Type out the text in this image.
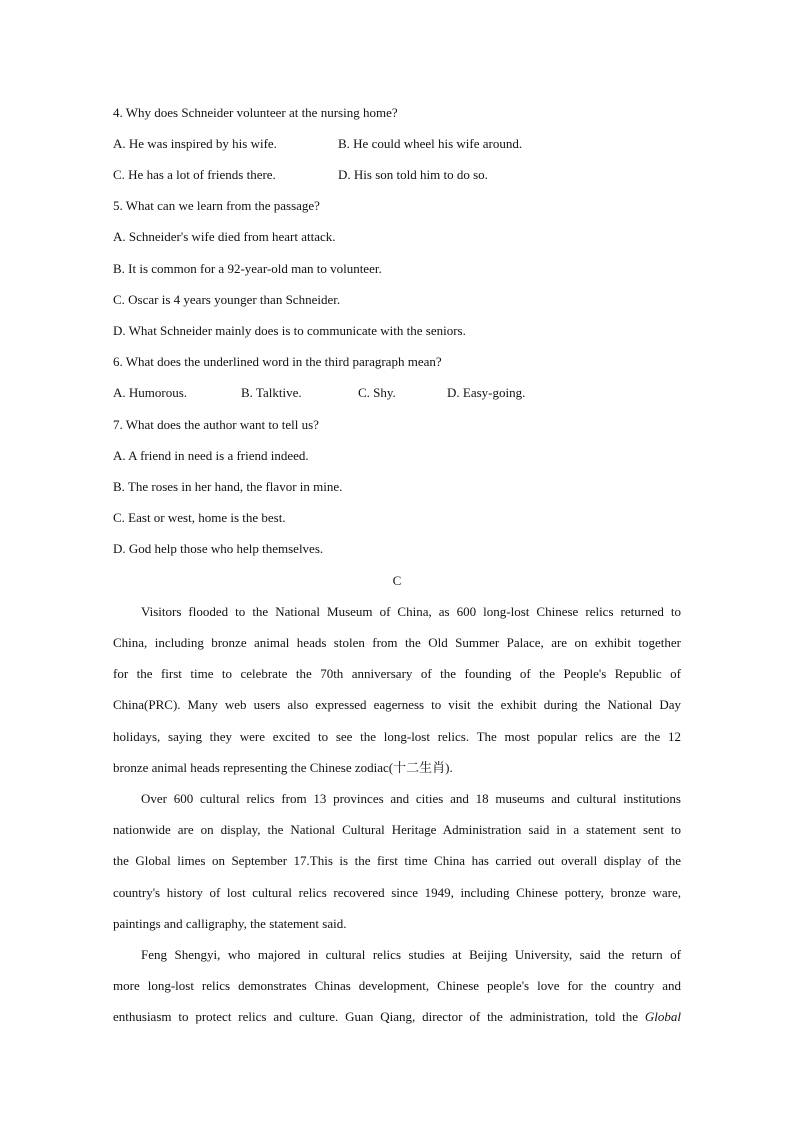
4. Why does Schneider volunteer at the nursing home?
A. He was inspired by his wife.	B. He could wheel his wife around.
C. He has a lot of friends there.	D. His son told him to do so.
5. What can we learn from the passage?
A. Schneider's wife died from heart attack.
B. It is common for a 92-year-old man to volunteer.
C. Oscar is 4 years younger than Schneider.
D. What Schneider mainly does is to communicate with the seniors.
6. What does the underlined word in the third paragraph mean?
A. Humorous.	B. Talktive.	C. Shy.	D. Easy-going.
7. What does the author want to tell us?
A. A friend in need is a friend indeed.
B. The roses in her hand, the flavor in mine.
C. East or west, home is the best.
D. God help those who help themselves.
C
Visitors flooded to the National Museum of China, as 600 long-lost Chinese relics returned to
China, including bronze animal heads stolen from the Old Summer Palace, are on exhibit together
for the first time to celebrate the 70th anniversary of the founding of the People's Republic of
China(PRC). Many web users also expressed eagerness to visit the exhibit during the National Day
holidays, saying they were excited to see the long-lost relics. The most popular relics are the 12
bronze animal heads representing the Chinese zodiac(十二生肖).
Over 600 cultural relics from 13 provinces and cities and 18 museums and cultural institutions
nationwide are on display, the National Cultural Heritage Administration said in a statement sent to
the Global limes on September 17.This is the first time China has carried out overall display of the
country's history of lost cultural relics recovered since 1949, including Chinese pottery, bronze ware,
paintings and calligraphy, the statement said.
Feng Shengyi, who majored in cultural relics studies at Beijing University, said the return of
more long-lost relics demonstrates Chinas development, Chinese people's love for the country and
enthusiasm to protect relics and culture. Guan Qiang, director of the administration, told the Global
